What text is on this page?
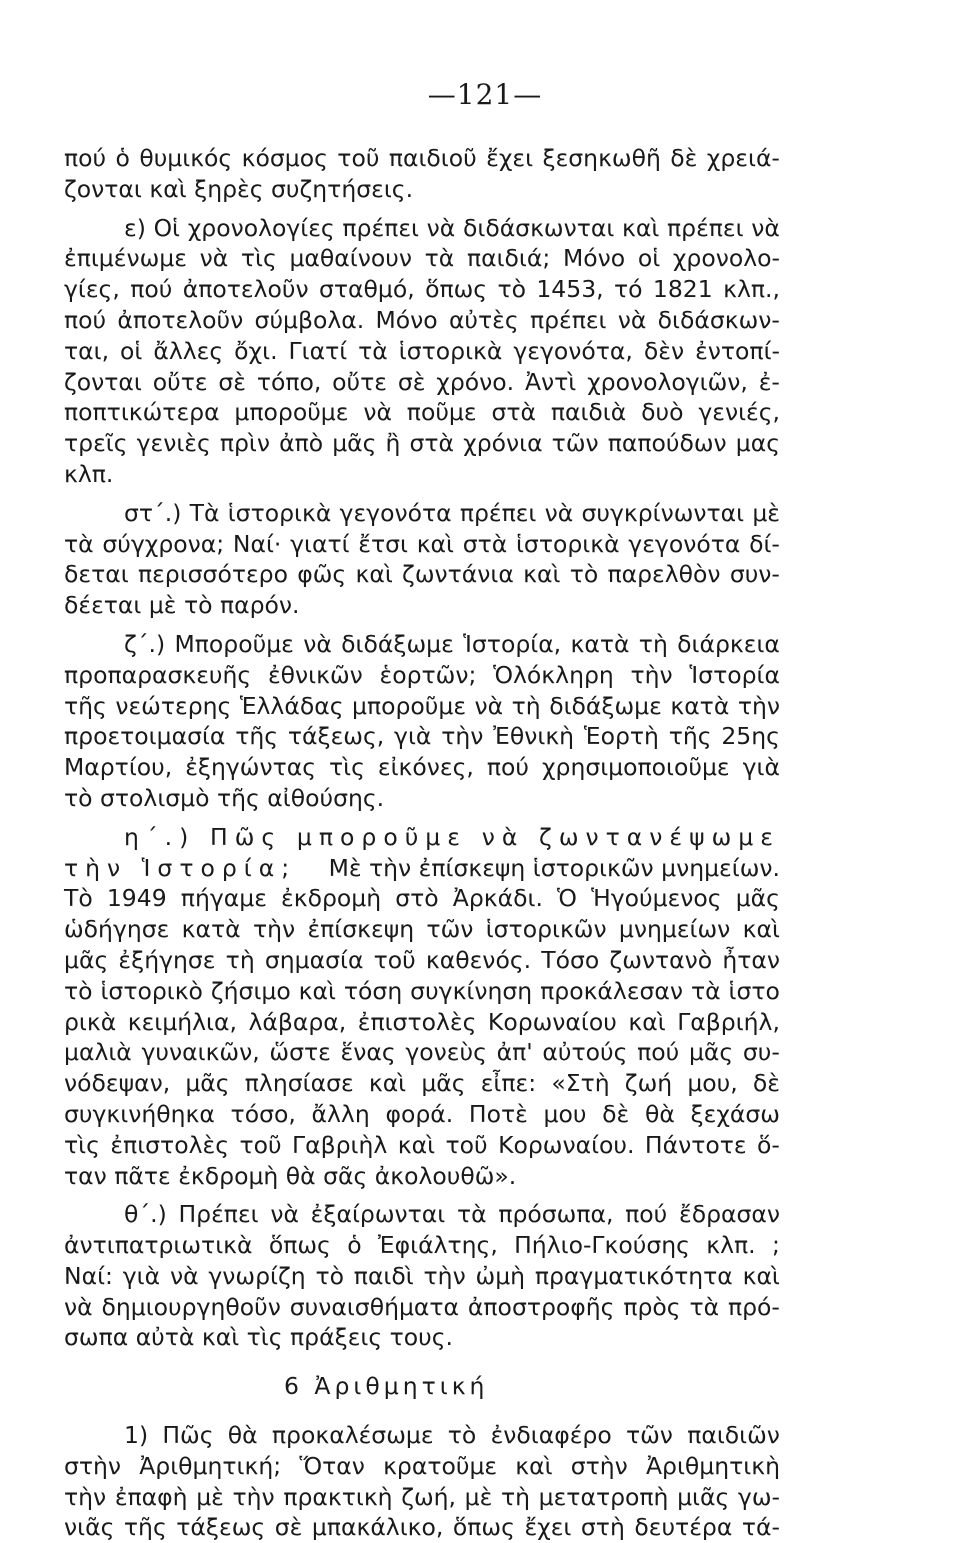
—121—
πού ὁ θυμικός κόσμος τοῦ παιδιοῦ ἔχει ξεσηκωθῆ δὲ χρειά-
ζονται καὶ ξηρὲς συζητήσεις.
ε) Οἱ χρονολογίες πρέπει νὰ διδάσκωνται καὶ πρέπει νὰ
ἐπιμένωμε νὰ τὶς μαθαίνουν τὰ παιδιά; Μόνο οἱ χρονολο-
γίες, πού ἀποτελοῦν σταθμό, ὅπως τὸ 1453, τό 1821 κλπ.,
πού ἀποτελοῦν σύμβολα. Μόνο αὐτὲς πρέπει νὰ διδάσκων-
ται, οἱ ἄλλες ὄχι. Γιατί τὰ ἱστορικὰ γεγονότα, δὲν ἐντοπί-
ζονται οὔτε σὲ τόπο, οὔτε σὲ χρόνο. Ἀντὶ χρονολογιῶν, ἐ-
ποπτικώτερα μποροῦμε νὰ ποῦμε στὰ παιδιὰ δυὸ γενιές,
τρεῖς γενιὲς πρὶν ἀπὸ μᾶς ἢ στὰ χρόνια τῶν παπούδων μας
κλπ.
στ΄.) Τὰ ἱστορικὰ γεγονότα πρέπει νὰ συγκρίνωνται μὲ
τὰ σύγχρονα; Ναί· γιατί ἔτσι καὶ στὰ ἱστορικὰ γεγονότα δί-
δεται περισσότερο φῶς καὶ ζωντάνια καὶ τὸ παρελθὸν συν-
δέεται μὲ τὸ παρόν.
ζ΄.) Μποροῦμε νὰ διδάξωμε Ἱστορία, κατὰ τὴ διάρκεια
προπαρασκευῆς ἐθνικῶν ἑορτῶν; Ὁλόκληρη τὴν Ἱστορία
τῆς νεώτερης Ἑλλάδας μποροῦμε νὰ τὴ διδάξωμε κατὰ τὴν
προετοιμασία τῆς τάξεως, γιὰ τὴν Ἐθνικὴ Ἑορτὴ τῆς 25ης
Μαρτίου, ἐξηγώντας τὶς εἰκόνες, πού χρησιμοποιοῦμε γιὰ
τὸ στολισμὸ τῆς αἰθούσης.
η΄.) Πῶς μποροῦμε νὰ ζωντανέψωμε
τὴν Ἱστορία; Μὲ τὴν ἐπίσκεψη ἱστορικῶν μνημείων.
Τὸ 1949 πήγαμε ἐκδρομὴ στὸ Ἀρκάδι. Ὁ Ἡγούμενος μᾶς
ὡδήγησε κατὰ τὴν ἐπίσκεψη τῶν ἱστορικῶν μνημείων καὶ
μᾶς ἐξήγησε τὴ σημασία τοῦ καθενός. Τόσο ζωντανὸ ἦταν
τὸ ἱστορικὸ ζήσιμο καὶ τόση συγκίνηση προκάλεσαν τὰ ἱστο
ρικὰ κειμήλια, λάβαρα, ἐπιστολὲς Κορωναίου καὶ Γαβριήλ,
μαλιὰ γυναικῶν, ὥστε ἕνας γονεὺς ἀπ' αὐτούς πού μᾶς συ-
νόδεψαν, μᾶς πλησίασε καὶ μᾶς εἶπε: «Στὴ ζωή μου, δὲ
συγκινήθηκα τόσο, ἄλλη φορά. Ποτὲ μου δὲ θὰ ξεχάσω
τὶς ἐπιστολὲς τοῦ Γαβριὴλ καὶ τοῦ Κορωναίου. Πάντοτε ὅ-
ταν πᾶτε ἐκδρομὴ θὰ σᾶς ἀκολουθῶ».
θ΄.) Πρέπει νὰ ἐξαίρωνται τὰ πρόσωπα, πού ἔδρασαν
ἀντιπατριωτικὰ ὅπως ὁ Ἐφιάλτης, Πήλιο-Γκούσης κλπ. ;
Ναί: γιὰ νὰ γνωρίζη τὸ παιδὶ τὴν ὠμὴ πραγματικότητα καὶ
νὰ δημιουργηθοῦν συναισθήματα ἀποστροφῆς πρὸς τὰ πρό-
σωπα αὐτὰ καὶ τὶς πράξεις τους.
6 Ἀριθμητική
1) Πῶς θὰ προκαλέσωμε τὸ ἐνδιαφέρο τῶν παιδιῶν
στὴν Ἀριθμητική; Ὅταν κρατοῦμε καὶ στὴν Ἀριθμητικὴ
τὴν ἐπαφὴ μὲ τὴν πρακτικὴ ζωή, μὲ τὴ μετατροπὴ μιᾶς γω-
νιᾶς τῆς τάξεως σὲ μπακάλικο, ὅπως ἔχει στὴ δευτέρα τά-
